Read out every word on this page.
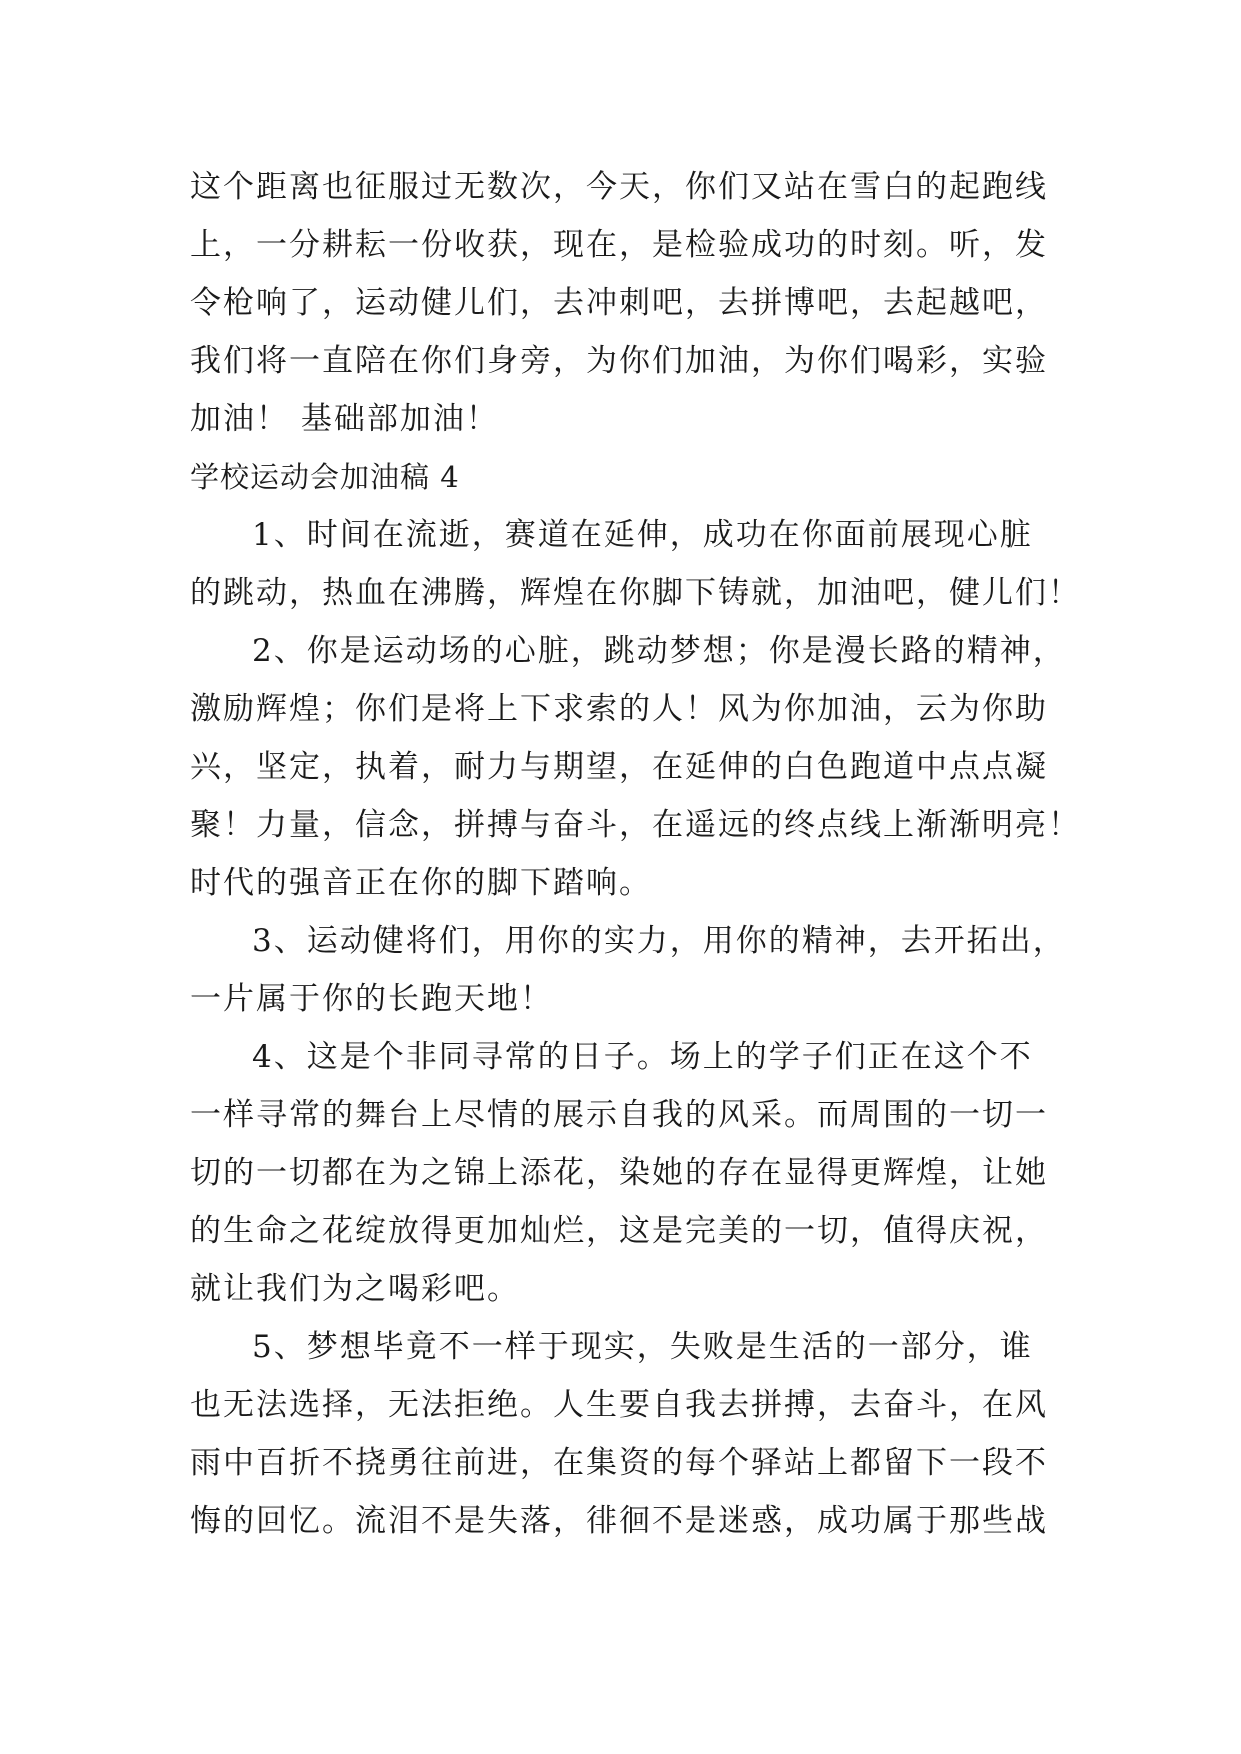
这个距离也征服过无数次，今天，你们又站在雪白的起跑线
上，一分耕耘一份收获，现在，是检验成功的时刻。听，发
令枪响了，运动健儿们，去冲刺吧，去拼博吧，去起越吧，
我们将一直陪在你们身旁，为你们加油，为你们喝彩，实验
加油！ 基础部加油！
学校运动会加油稿 4
1、时间在流逝，赛道在延伸，成功在你面前展现心脏
的跳动，热血在沸腾，辉煌在你脚下铸就，加油吧，健儿们！
2、你是运动场的心脏，跳动梦想；你是漫长路的精神，
激励辉煌；你们是将上下求索的人！风为你加油，云为你助
兴，坚定，执着，耐力与期望，在延伸的白色跑道中点点凝
聚！力量，信念，拼搏与奋斗，在遥远的终点线上渐渐明亮！
时代的强音正在你的脚下踏响。
3、运动健将们，用你的实力，用你的精神，去开拓出，
一片属于你的长跑天地！
4、这是个非同寻常的日子。场上的学子们正在这个不
一样寻常的舞台上尽情的展示自我的风采。而周围的一切一
切的一切都在为之锦上添花，染她的存在显得更辉煌，让她
的生命之花绽放得更加灿烂，这是完美的一切，值得庆祝，
就让我们为之喝彩吧。
5、梦想毕竟不一样于现实，失败是生活的一部分，谁
也无法选择，无法拒绝。人生要自我去拼搏，去奋斗，在风
雨中百折不挠勇往前进，在集资的每个驿站上都留下一段不
悔的回忆。流泪不是失落，徘徊不是迷惑，成功属于那些战
